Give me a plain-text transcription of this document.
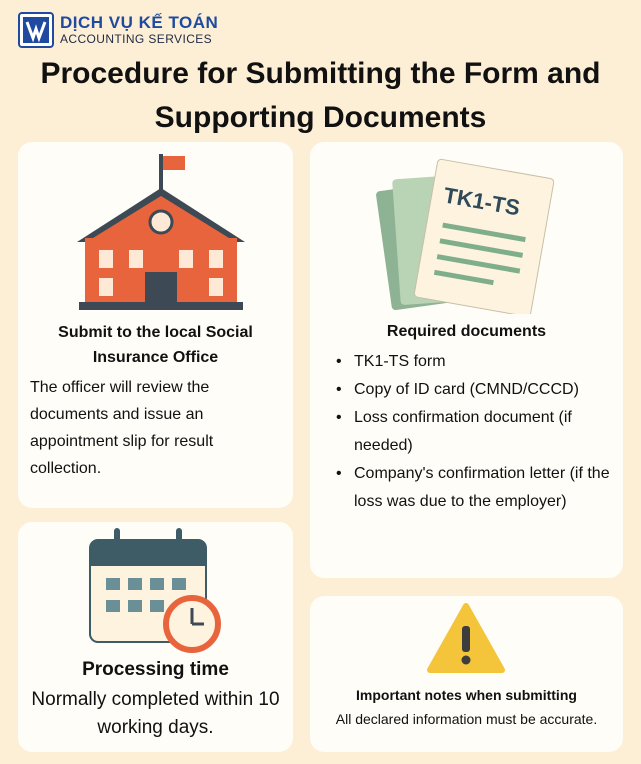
DỊCH VỤ KẾ TOÁN
ACCOUNTING SERVICES
Procedure for Submitting the Form and Supporting Documents
Submit to the local Social Insurance Office
The officer will review the documents and issue an appointment slip for result collection.
TK1-TS
Required documents
• TK1-TS form
• Copy of ID card (CMND/CCCD)
• Loss confirmation document (if needed)
• Company's confirmation letter (if the loss was due to the employer)
Processing time
Normally completed within 10 working days.
Important notes when submitting
All declared information must be accurate.
